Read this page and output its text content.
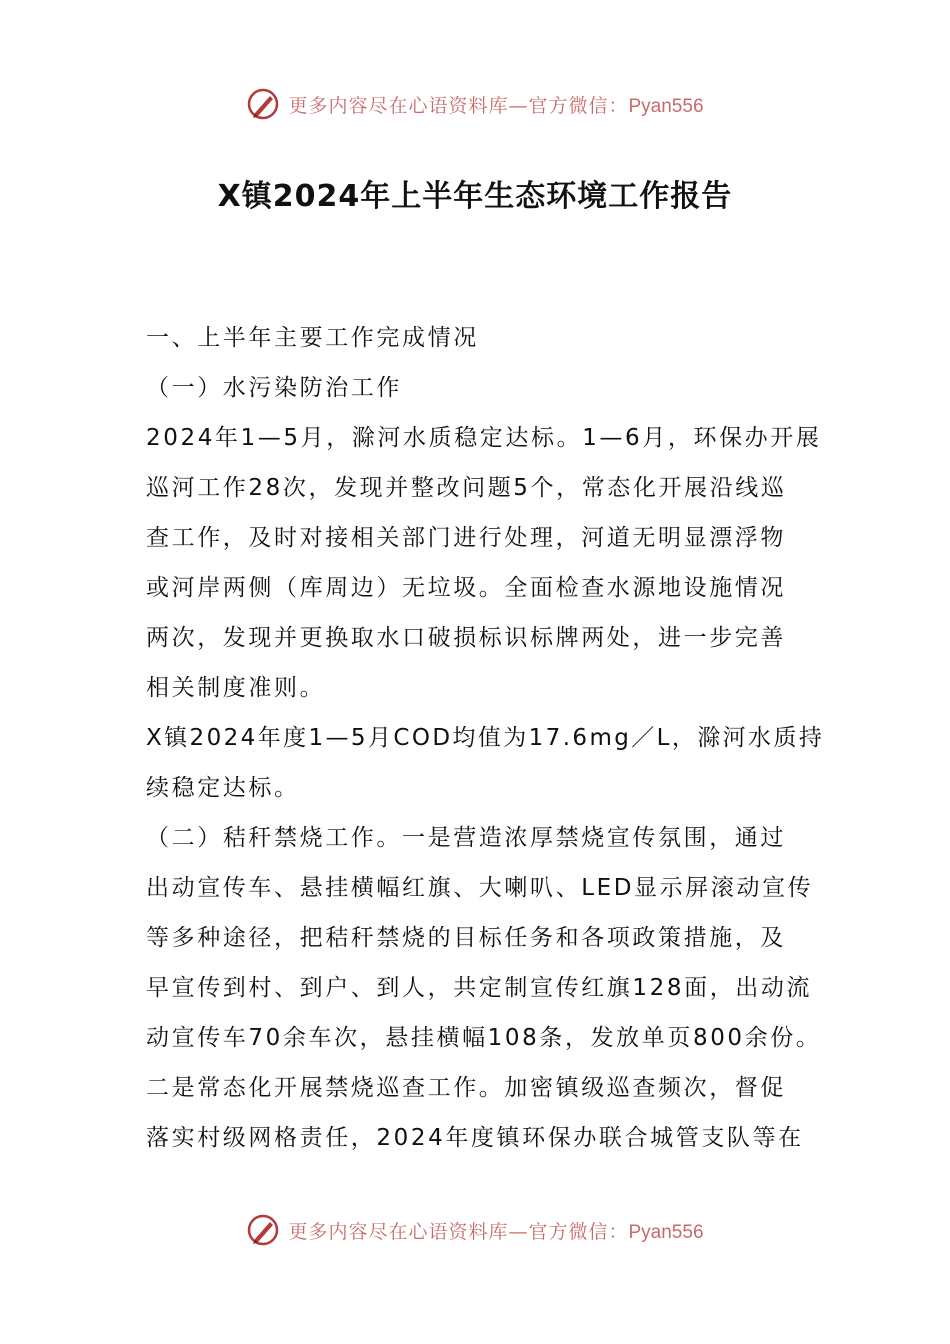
更多内容尽在心语资料库—官方微信：Pyan556
X镇2024年上半年生态环境工作报告
一、上半年主要工作完成情况
（一）水污染防治工作
2024年1—5月，滁河水质稳定达标。1—6月，环保办开展
巡河工作28次，发现并整改问题5个，常态化开展沿线巡
查工作，及时对接相关部门进行处理，河道无明显漂浮物
或河岸两侧（库周边）无垃圾。全面检查水源地设施情况
两次，发现并更换取水口破损标识标牌两处，进一步完善
相关制度准则。
X镇2024年度1—5月COD均值为17.6mg／L，滁河水质持
续稳定达标。
（二）秸秆禁烧工作。一是营造浓厚禁烧宣传氛围，通过
出动宣传车、悬挂横幅红旗、大喇叭、LED显示屏滚动宣传
等多种途径，把秸秆禁烧的目标任务和各项政策措施，及
早宣传到村、到户、到人，共定制宣传红旗128面，出动流
动宣传车70余车次，悬挂横幅108条，发放单页800余份。
二是常态化开展禁烧巡查工作。加密镇级巡查频次，督促
落实村级网格责任，2024年度镇环保办联合城管支队等在
更多内容尽在心语资料库—官方微信：Pyan556
